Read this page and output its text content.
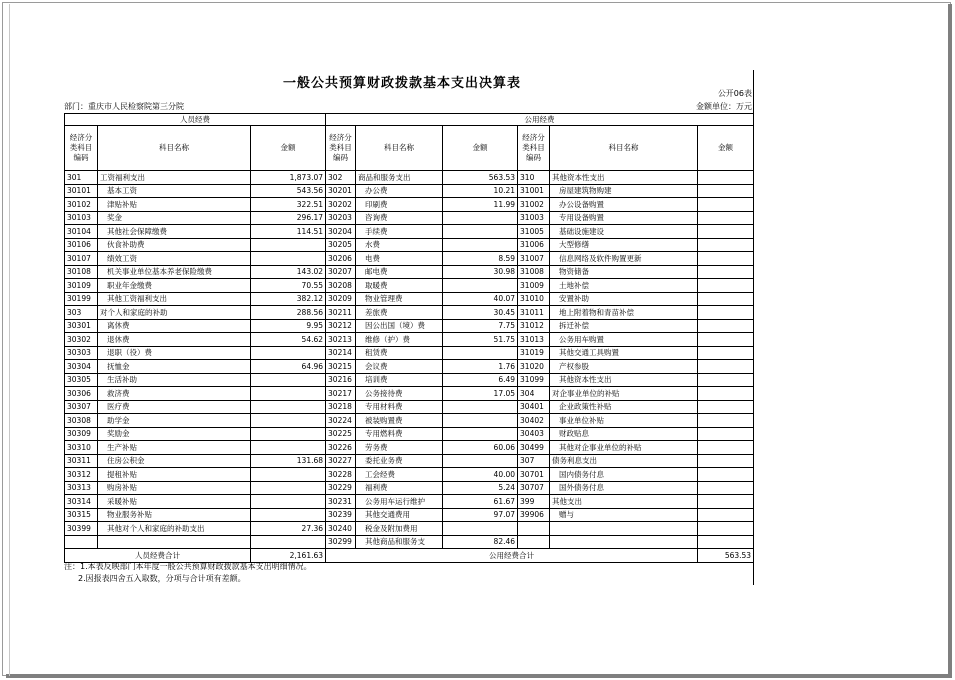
一般公共预算财政拨款基本支出决算表
公开06表
部门：重庆市人民检察院第三分院	金额单位：万元
人员经费			公用经费					
经济分类科目编码	科目名称	金额	经济分类科目编码	科目名称	金额	经济分类科目编码	科目名称	金额
301	工资福利支出	1,873.07	302	商品和服务支出	563.53	310	其他资本性支出	
30101	基本工资	543.56	30201	办公费	10.21	31001	房屋建筑物购建	
30102	津贴补贴	322.51	30202	印刷费	11.99	31002	办公设备购置	
30103	奖金	296.17	30203	咨询费		31003	专用设备购置	
30104	其他社会保障缴费	114.51	30204	手续费		31005	基础设施建设	
30106	伙食补助费		30205	水费		31006	大型修缮	
30107	绩效工资		30206	电费	8.59	31007	信息网络及软件购置更新	
30108	机关事业单位基本养老保险缴费	143.02	30207	邮电费	30.98	31008	物资储备	
30109	职业年金缴费	70.55	30208	取暖费		31009	土地补偿	
30199	其他工资福利支出	382.12	30209	物业管理费	40.07	31010	安置补助	
303	对个人和家庭的补助	288.56	30211	差旅费	30.45	31011	地上附着物和青苗补偿	
30301	离休费	9.95	30212	因公出国（境）费	7.75	31012	拆迁补偿	
30302	退休费	54.62	30213	维修（护）费	51.75	31013	公务用车购置	
30303	退职（役）费		30214	租赁费		31019	其他交通工具购置	
30304	抚恤金	64.96	30215	会议费	1.76	31020	产权参股	
30305	生活补助		30216	培训费	6.49	31099	其他资本性支出	
30306	救济费		30217	公务接待费	17.05	304	对企事业单位的补贴	
30307	医疗费		30218	专用材料费		30401	企业政策性补贴	
30308	助学金		30224	被装购置费		30402	事业单位补贴	
30309	奖励金		30225	专用燃料费		30403	财政贴息	
30310	生产补贴		30226	劳务费	60.06	30499	其他对企事业单位的补贴	
30311	住房公积金	131.68	30227	委托业务费		307	债务利息支出	
30312	提租补贴		30228	工会经费	40.00	30701	国内债务付息	
30313	购房补贴		30229	福利费	5.24	30707	国外债务付息	
30314	采暖补贴		30231	公务用车运行维护	61.67	399	其他支出	
30315	物业服务补贴		30239	其他交通费用	97.07	39906	赠与	
30399	其他对个人和家庭的补助支出	27.36	30240	税金及附加费用				
			30299	其他商品和服务支	82.46			
人员经费合计		2,161.63	公用经费合计					563.53
注：1.本表反映部门本年度一般公共预算财政拨款基本支出明细情况。
2.因报表四舍五入取数，分项与合计项有差额。
